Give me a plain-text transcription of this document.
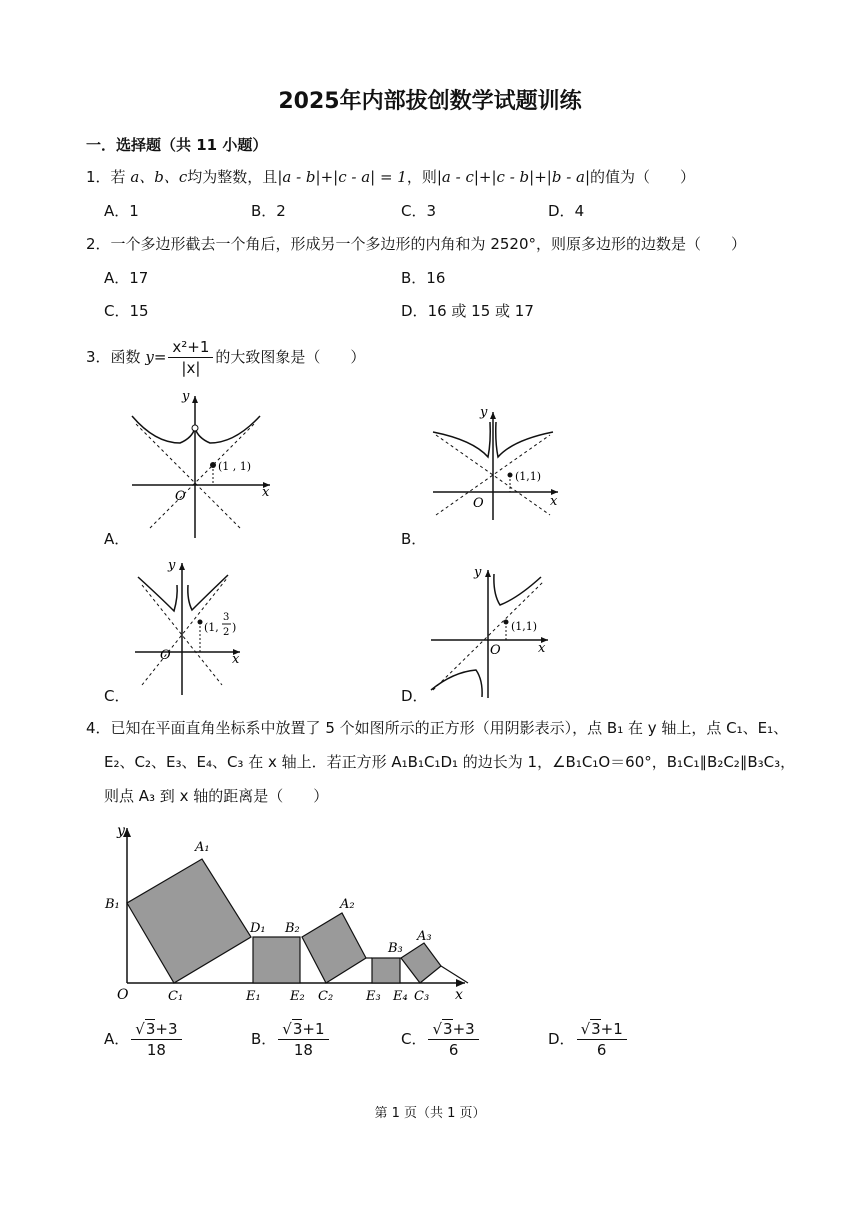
2025年内部拔创数学试题训练
一．选择题（共 11 小题）
1．若 a、b、c均为整数，且|a - b|+|c - a| = 1，则|a - c|+|c - b|+|b - a|的值为（　　）
A．1	B．2	C．3	D．4
2．一个多边形截去一个角后，形成另一个多边形的内角和为 2520°，则原多边形的边数是（　　）
A．17	B．16
C．15	D．16 或 15 或 17
3．函数 $y= \frac{\text{x²+1}}{|x|}$ 的大致图象是（　　）
(1 , 1)
y
x
O
A．
(1,1)
y
x
O
B．
(1,
3
2 )
y
x
O
C．
(1,1)
y
x
O
D．
4．已知在平面直角坐标系中放置了 5 个如图所示的正方形（用阴影表示），点 B₁ 在 y 轴上，点 C₁、E₁、
E₂、C₂、E₃、E₄、C₃ 在 x 轴上．若正方形 A₁B₁C₁D₁ 的边长为 1，∠B₁C₁O＝60°，B₁C₁∥B₂C₂∥B₃C₃，
则点 A₃ 到 x 轴的距离是（　　）
y
x
O
A₁
B₁
C₁
D₁ B₂
A₂
C₂
E₁ E₂	E₃ E₄ C₃
B₃
A₃
A． $\frac{√3+3}{18}$	B． $\frac{√3+1}{18}$	C． $\frac{√3+3}{6}$	D． $\frac{√3+1}{6}$
第 1 页（共 1 页）
